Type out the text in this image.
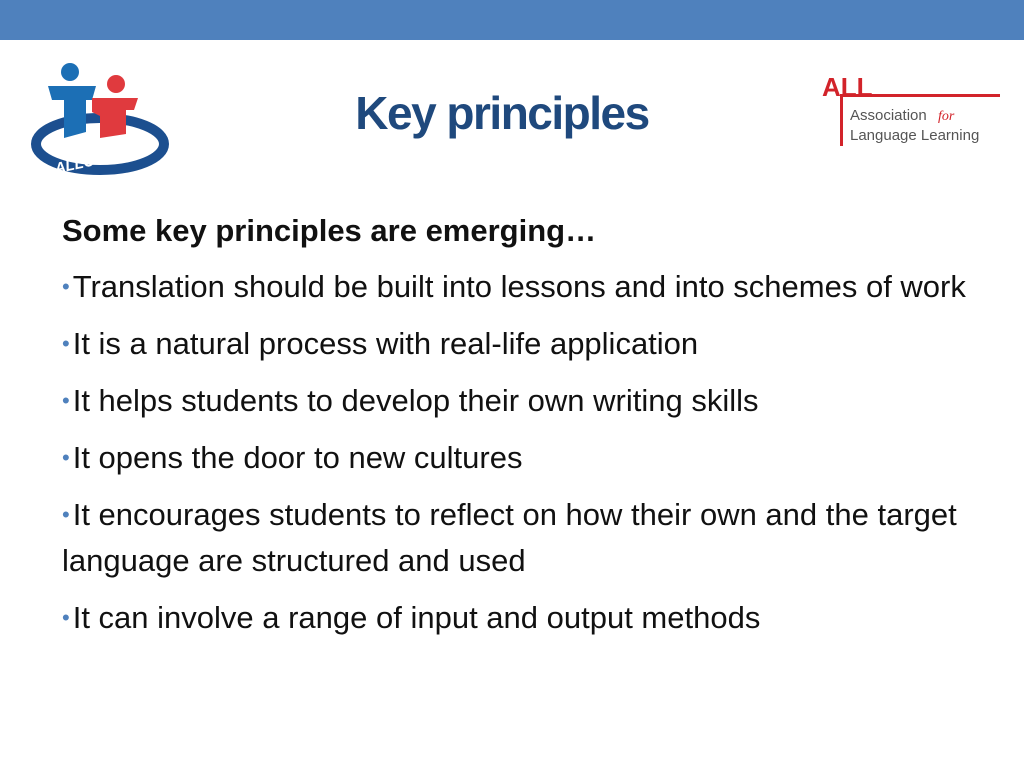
ALLCONNECT
Key principles	ALL
Association for
Language Learning

Some key principles are emerging…

•Translation should be built into lessons and into schemes of work
•It is a natural process with real-life application
•It helps students to develop their own writing skills
•It opens the door to new cultures
•It encourages students to reflect on how their own and the target language are structured and used
•It can involve a range of input and output methods
